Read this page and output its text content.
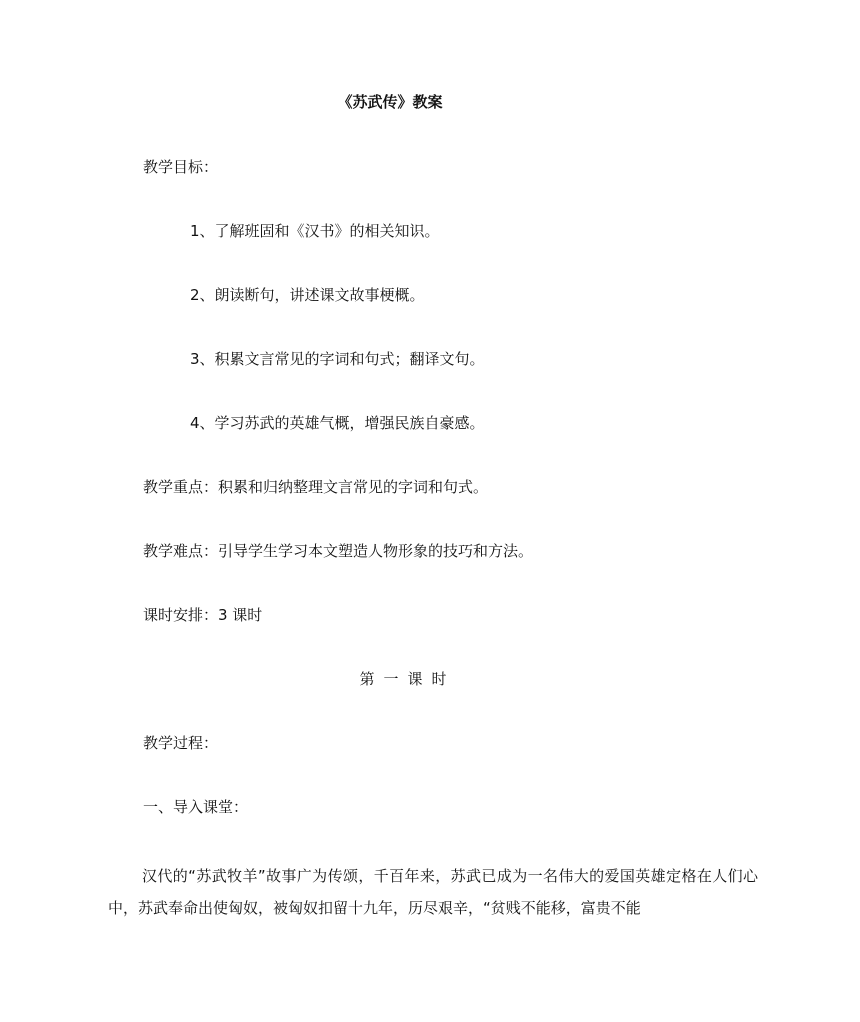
《苏武传》教案
教学目标：
1、了解班固和《汉书》的相关知识。
2、朗读断句，讲述课文故事梗概。
3、积累文言常见的字词和句式；翻译文句。
4、学习苏武的英雄气概，增强民族自豪感。
教学重点：积累和归纳整理文言常见的字词和句式。
教学难点：引导学生学习本文塑造人物形象的技巧和方法。
课时安排：3 课时
第一课时
教学过程：
一、导入课堂：
汉代的“苏武牧羊”故事广为传颂，千百年来，苏武已成为一名伟大的爱国英雄定格在人们心中，苏武奉命出使匈奴，被匈奴扣留十九年，历尽艰辛，“贫贱不能移，富贵不能
